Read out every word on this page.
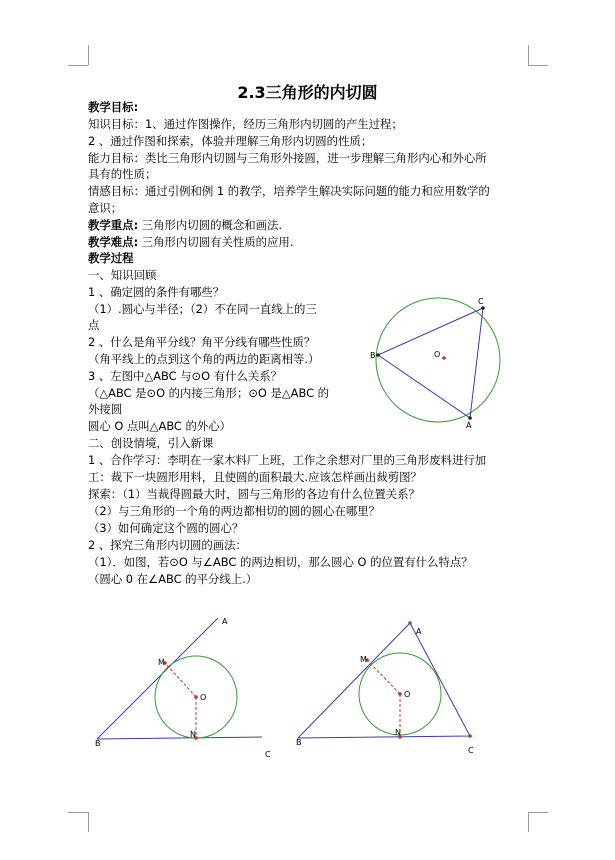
2.3三角形的内切圆
教学目标:
知识目标：1、通过作图操作，经历三角形内切圆的产生过程；
2 、通过作图和探索，体验并理解三角形内切圆的性质；
能力目标：类比三角形内切圆与三角形外接圆，进一步理解三角形内心和外心所
具有的性质；
情感目标：通过引例和例 1 的教学，培养学生解决实际问题的能力和应用数学的
意识；
教学重点: 三角形内切圆的概念和画法.
教学难点: 三角形内切圆有关性质的应用.
教学过程
一、知识回顾
1 、确定圆的条件有哪些？
（1）.圆心与半径；（2）不在同一直线上的三
点
2 、什么是角平分线？角平分线有哪些性质？
（角平线上的点到这个角的两边的距离相等.）
3 、左图中△ABC 与⊙O 有什么关系？
（△ABC 是⊙O 的内接三角形；⊙O 是△ABC 的
外接圆
圆心 O 点叫△ABC 的外心）
二、创设情境，引入新课
1 、合作学习：李明在一家木料厂上班，工作之余想对厂里的三角形废料进行加
工：裁下一块圆形用料，且使圆的面积最大.应该怎样画出裁剪图？
探索：（1）当裁得圆最大时，圆与三角形的各边有什么位置关系？
（2）与三角形的一个角的两边都相切的圆的圆心在哪里？
（3）如何确定这个圆的圆心？
2 、探究三角形内切圆的画法：
（1）．如图，若⊙O 与∠ABC 的两边相切，那么圆心 O 的位置有什么特点？
（圆心 0 在∠ABC 的平分线上.）
B
C
A
O
A
M
O
N
B
C
A
M
O
N
B
C
